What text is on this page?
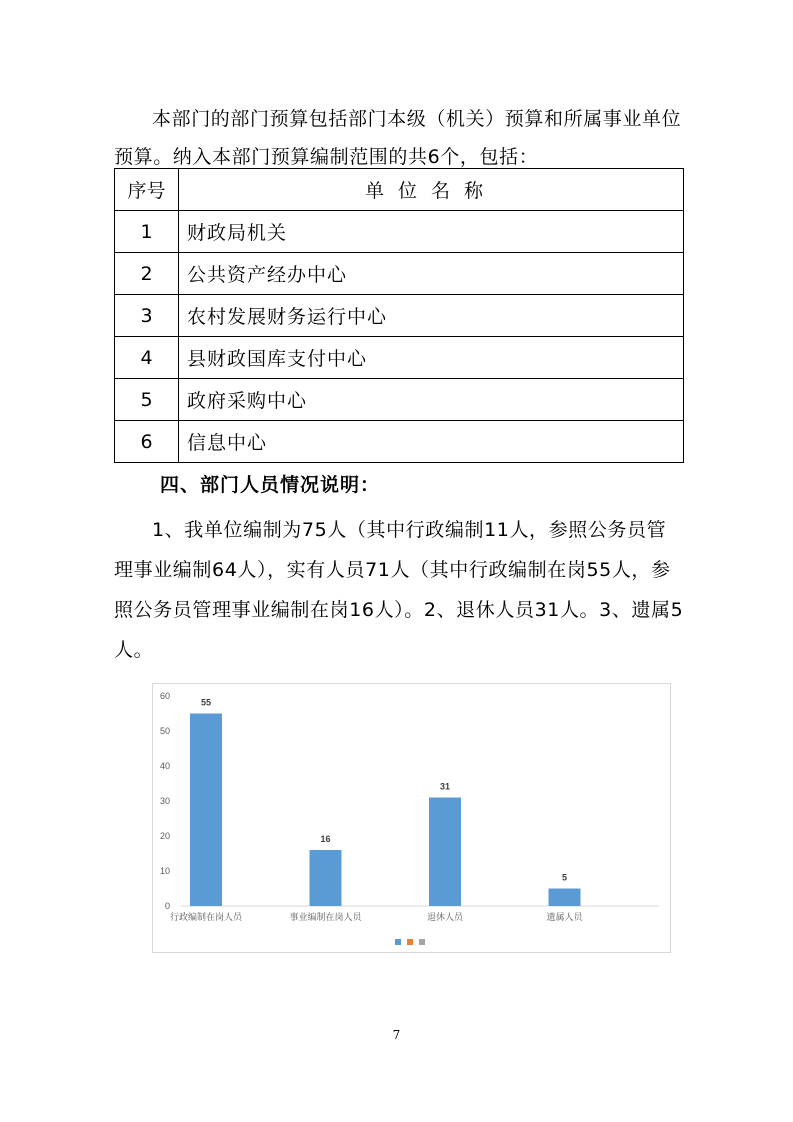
本部门的部门预算包括部门本级（机关）预算和所属事业单位预算。纳入本部门预算编制范围的共6个，包括：

序号	单位名称
1	财政局机关
2	公共资产经办中心
3	农村发展财务运行中心
4	县财政国库支付中心
5	政府采购中心
6	信息中心
四、部门人员情况说明：

1、我单位编制为75人（其中行政编制11人，参照公务员管理事业编制64人），实有人员71人（其中行政编制在岗55人，参照公务员管理事业编制在岗16人）。2、退休人员31人。3、遗属5人。

0
10
20
30
40
50
60
55
行政编制在岗人员
16
事业编制在岗人员
31
退休人员
5
遗属人员
7
